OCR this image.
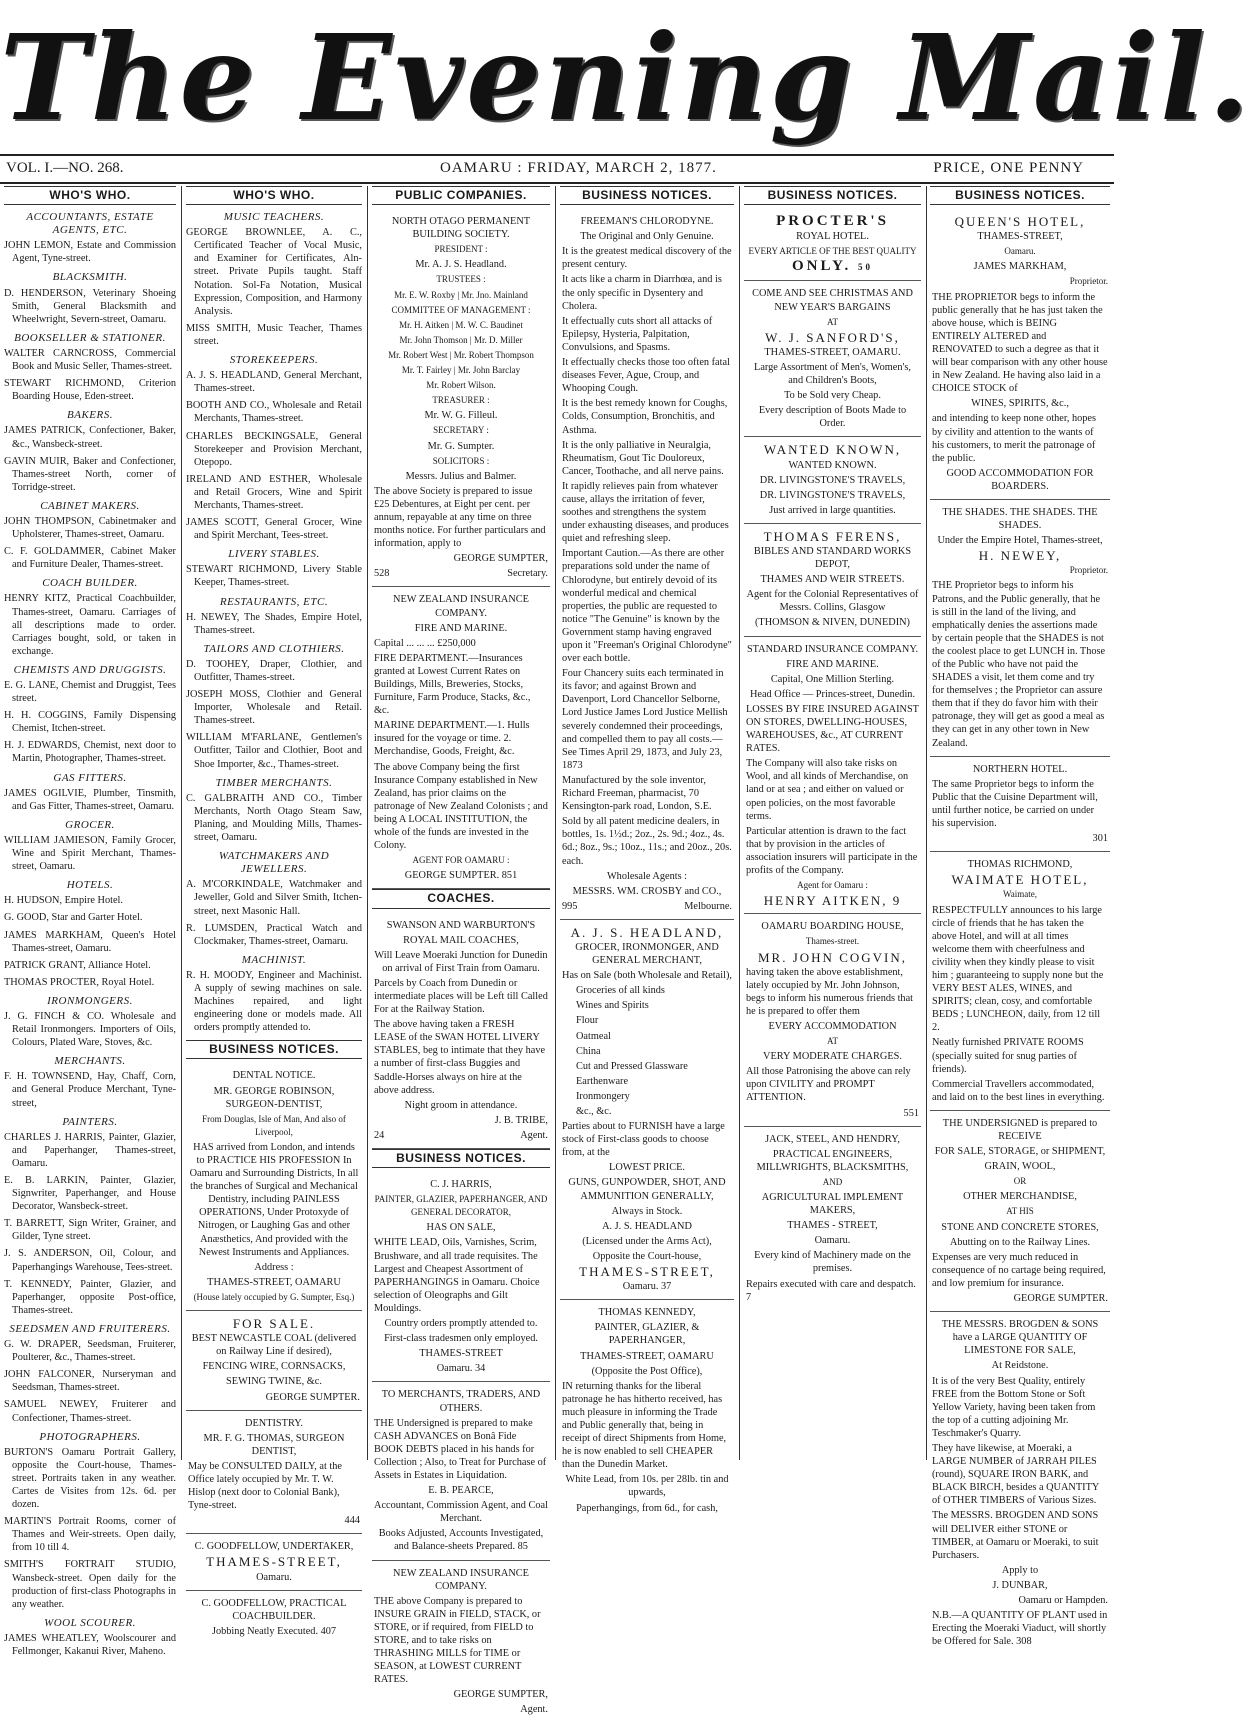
The Evening Mail.
VOL. I.—NO. 268.	OAMARU : FRIDAY, MARCH 2, 1877.	PRICE, ONE PENNY
WHO'S WHO.
ACCOUNTANTS, ESTATE AGENTS, ETC.

JOHN LEMON, Estate and Commission Agent, Tyne-street.

BLACKSMITH.

D. HENDERSON, Veterinary Shoeing Smith, General Blacksmith and Wheelwright, Severn-street, Oamaru.

BOOKSELLER & STATIONER.

WALTER CARNCROSS, Commercial Book and Music Seller, Thames-street.

STEWART RICHMOND, Criterion Boarding House, Eden-street.

BAKERS.

JAMES PATRICK, Confectioner, Baker, &c., Wansbeck-street.

GAVIN MUIR, Baker and Confectioner, Thames-street North, corner of Torridge-street.

CABINET MAKERS.

JOHN THOMPSON, Cabinetmaker and Upholsterer, Thames-street, Oamaru.

C. F. GOLDAMMER, Cabinet Maker and Furniture Dealer, Thames-street.

COACH BUILDER.

HENRY KITZ, Practical Coachbuilder, Thames-street, Oamaru. Carriages of all descriptions made to order. Carriages bought, sold, or taken in exchange.

CHEMISTS AND DRUGGISTS.

E. G. LANE, Chemist and Druggist, Tees street.

H. H. COGGINS, Family Dispensing Chemist, Itchen-street.

H. J. EDWARDS, Chemist, next door to Martin, Photographer, Thames-street.

GAS FITTERS.

JAMES OGILVIE, Plumber, Tinsmith, and Gas Fitter, Thames-street, Oamaru.

GROCER.

WILLIAM JAMIESON, Family Grocer, Wine and Spirit Merchant, Thames-street, Oamaru.

HOTELS.

H. HUDSON, Empire Hotel.

G. GOOD, Star and Garter Hotel.

JAMES MARKHAM, Queen's Hotel Thames-street, Oamaru.

PATRICK GRANT, Alliance Hotel.

THOMAS PROCTER, Royal Hotel.

IRONMONGERS.

J. G. FINCH & CO. Wholesale and Retail Ironmongers. Importers of Oils, Colours, Plated Ware, Stoves, &c.

MERCHANTS.

F. H. TOWNSEND, Hay, Chaff, Corn, and General Produce Merchant, Tyne-street,

PAINTERS.

CHARLES J. HARRIS, Painter, Glazier, and Paperhanger, Thames-street, Oamaru.

E. B. LARKIN, Painter, Glazier, Signwriter, Paperhanger, and House Decorator, Wansbeck-street.

T. BARRETT, Sign Writer, Grainer, and Gilder, Tyne street.

J. S. ANDERSON, Oil, Colour, and Paperhangings Warehouse, Tees-street.

T. KENNEDY, Painter, Glazier, and Paperhanger, opposite Post-office, Thames-street.

SEEDSMEN AND FRUITERERS.

G. W. DRAPER, Seedsman, Fruiterer, Poulterer, &c., Thames-street.

JOHN FALCONER, Nurseryman and Seedsman, Thames-street.

SAMUEL NEWEY, Fruiterer and Confectioner, Thames-street.

PHOTOGRAPHERS.

BURTON'S Oamaru Portrait Gallery, opposite the Court-house, Thames-street. Portraits taken in any weather. Cartes de Visites from 12s. 6d. per dozen.

MARTIN'S Portrait Rooms, corner of Thames and Weir-streets. Open daily, from 10 till 4.

SMITH'S FORTRAIT STUDIO, Wansbeck-street. Open daily for the production of first-class Photographs in any weather.

WOOL SCOURER.

JAMES WHEATLEY, Woolscourer and Fellmonger, Kakanui River, Maheno.

WHO'S WHO.
MUSIC TEACHERS.

GEORGE BROWNLEE, A. C., Certificated Teacher of Vocal Music, and Examiner for Certificates, Aln-street. Private Pupils taught. Staff Notation. Sol-Fa Notation, Musical Expression, Composition, and Harmony Analysis.

MISS SMITH, Music Teacher, Thames street.

STOREKEEPERS.

A. J. S. HEADLAND, General Merchant, Thames-street.

BOOTH AND CO., Wholesale and Retail Merchants, Thames-street.

CHARLES BECKINGSALE, General Storekeeper and Provision Merchant, Otepopo.

IRELAND AND ESTHER, Wholesale and Retail Grocers, Wine and Spirit Merchants, Thames-street.

JAMES SCOTT, General Grocer, Wine and Spirit Merchant, Tees-street.

LIVERY STABLES.

STEWART RICHMOND, Livery Stable Keeper, Thames-street.

RESTAURANTS, ETC.

H. NEWEY, The Shades, Empire Hotel, Thames-street.

TAILORS AND CLOTHIERS.

D. TOOHEY, Draper, Clothier, and Outfitter, Thames-street.

JOSEPH MOSS, Clothier and General Importer, Wholesale and Retail. Thames-street.

WILLIAM M'FARLANE, Gentlemen's Outfitter, Tailor and Clothier, Boot and Shoe Importer, &c., Thames-street.

TIMBER MERCHANTS.

C. GALBRAITH AND CO., Timber Merchants, North Otago Steam Saw, Planing, and Moulding Mills, Thames-street, Oamaru.

WATCHMAKERS AND JEWELLERS.

A. M'CORKINDALE, Watchmaker and Jeweller, Gold and Silver Smith, Itchen-street, next Masonic Hall.

R. LUMSDEN, Practical Watch and Clockmaker, Thames-street, Oamaru.

MACHINIST.

R. H. MOODY, Engineer and Machinist. A supply of sewing machines on sale. Machines repaired, and light engineering done or models made. All orders promptly attended to.

BUSINESS NOTICES.

DENTAL NOTICE.

MR. GEORGE ROBINSON, SURGEON-DENTIST,

From Douglas, Isle of Man, And also of Liverpool,

HAS arrived from London, and intends to PRACTICE HIS PROFESSION In Oamaru and Surrounding Districts, In all the branches of Surgical and Mechanical Dentistry, including PAINLESS OPERATIONS, Under Protoxyde of Nitrogen, or Laughing Gas and other Anæsthetics, And provided with the Newest Instruments and Appliances.

Address :

THAMES-STREET, OAMARU

(House lately occupied by G. Sumpter, Esq.)

FOR SALE.

BEST NEWCASTLE COAL (delivered on Railway Line if desired),

FENCING WIRE, CORNSACKS,

SEWING TWINE, &c.

GEORGE SUMPTER.

DENTISTRY.

MR. F. G. THOMAS, SURGEON DENTIST,

May be CONSULTED DAILY, at the Office lately occupied by Mr. T. W. Hislop (next door to Colonial Bank), Tyne-street.

444

C. GOODFELLOW, UNDERTAKER,

THAMES-STREET,

Oamaru.

C. GOODFELLOW, PRACTICAL COACHBUILDER.

Jobbing Neatly Executed. 407

PUBLIC COMPANIES.

NORTH OTAGO PERMANENT BUILDING SOCIETY.

PRESIDENT :

Mr. A. J. S. Headland.

TRUSTEES :

Mr. E. W. Roxby | Mr. Jno. Mainland

COMMITTEE OF MANAGEMENT :

Mr. H. Aitken | M. W. C. Baudinet

Mr. John Thomson | Mr. D. Miller

Mr. Robert West | Mr. Robert Thompson

Mr. T. Fairley | Mr. John Barclay

Mr. Robert Wilson.

TREASURER :

Mr. W. G. Filleul.

SECRETARY :

Mr. G. Sumpter.

SOLICITORS :

Messrs. Julius and Balmer.

The above Society is prepared to issue £25 Debentures, at Eight per cent. per annum, repayable at any time on three months notice. For further particulars and information, apply to

GEORGE SUMPTER,

528	Secretary.

NEW ZEALAND INSURANCE COMPANY.

FIRE AND MARINE.

Capital ... ... ... £250,000

FIRE DEPARTMENT.—Insurances granted at Lowest Current Rates on Buildings, Mills, Breweries, Stocks, Furniture, Farm Produce, Stacks, &c., &c.

MARINE DEPARTMENT.—1. Hulls insured for the voyage or time. 2. Merchandise, Goods, Freight, &c.

The above Company being the first Insurance Company established in New Zealand, has prior claims on the patronage of New Zealand Colonists ; and being A LOCAL INSTITUTION, the whole of the funds are invested in the Colony.

AGENT FOR OAMARU :

GEORGE SUMPTER. 851

COACHES.

SWANSON AND WARBURTON'S

ROYAL MAIL COACHES,

Will Leave Moeraki Junction for Dunedin on arrival of First Train from Oamaru.

Parcels by Coach from Dunedin or intermediate places will be Left till Called For at the Railway Station.

The above having taken a FRESH LEASE of the SWAN HOTEL LIVERY STABLES, beg to intimate that they have a number of first-class Buggies and Saddle-Horses always on hire at the above address.

Night groom in attendance.

J. B. TRIBE,

24	Agent.

BUSINESS NOTICES.

C. J. HARRIS,

PAINTER, GLAZIER, PAPERHANGER, AND GENERAL DECORATOR,

HAS ON SALE,

WHITE LEAD, Oils, Varnishes, Scrim, Brushware, and all trade requisites. The Largest and Cheapest Assortment of PAPERHANGINGS in Oamaru. Choice selection of Oleographs and Gilt Mouldings.

Country orders promptly attended to.

First-class tradesmen only employed.

THAMES-STREET

Oamaru. 34

TO MERCHANTS, TRADERS, AND OTHERS.

THE Undersigned is prepared to make CASH ADVANCES on Bonâ Fide BOOK DEBTS placed in his hands for Collection ; Also, to Treat for Purchase of Assets in Estates in Liquidation.

E. B. PEARCE,

Accountant, Commission Agent, and Coal Merchant.

Books Adjusted, Accounts Investigated, and Balance-sheets Prepared. 85

NEW ZEALAND INSURANCE COMPANY.

THE above Company is prepared to INSURE GRAIN in FIELD, STACK, or STORE, or if required, from FIELD to STORE, and to take risks on THRASHING MILLS for TIME or SEASON, at LOWEST CURRENT RATES.

GEORGE SUMPTER,

Agent.

BUSINESS NOTICES.

FREEMAN'S CHLORODYNE.

The Original and Only Genuine.

It is the greatest medical discovery of the present century.

It acts like a charm in Diarrhœa, and is the only specific in Dysentery and Cholera.

It effectually cuts short all attacks of Epilepsy, Hysteria, Palpitation, Convulsions, and Spasms.

It effectually checks those too often fatal diseases Fever, Ague, Croup, and Whooping Cough.

It is the best remedy known for Coughs, Colds, Consumption, Bronchitis, and Asthma.

It is the only palliative in Neuralgia, Rheumatism, Gout Tic Douloreux, Cancer, Toothache, and all nerve pains.

It rapidly relieves pain from whatever cause, allays the irritation of fever, soothes and strengthens the system under exhausting diseases, and produces quiet and refreshing sleep.

Important Caution.—As there are other preparations sold under the name of Chlorodyne, but entirely devoid of its wonderful medical and chemical properties, the public are requested to notice "The Genuine" is known by the Government stamp having engraved upon it "Freeman's Original Chlorodyne" over each bottle.

Four Chancery suits each terminated in its favor; and against Brown and Davenport, Lord Chancellor Selborne, Lord Justice James Lord Justice Mellish severely condemned their proceedings, and compelled them to pay all costs.—See Times April 29, 1873, and July 23, 1873

Manufactured by the sole inventor, Richard Freeman, pharmacist, 70 Kensington-park road, London, S.E.

Sold by all patent medicine dealers, in bottles, 1s. 1½d.; 2oz., 2s. 9d.; 4oz., 4s. 6d.; 8oz., 9s.; 10oz., 11s.; and 20oz., 20s. each.

Wholesale Agents :

MESSRS. WM. CROSBY and CO.,

995	Melbourne.

A. J. S. HEADLAND,

GROCER, IRONMONGER, AND GENERAL MERCHANT,

Has on Sale (both Wholesale and Retail),

Groceries of all kinds

Wines and Spirits

Flour

Oatmeal

China

Cut and Pressed Glassware

Earthenware

Ironmongery

&c., &c.

Parties about to FURNISH have a large stock of First-class goods to choose from, at the

LOWEST PRICE.

GUNS, GUNPOWDER, SHOT, AND AMMUNITION GENERALLY,

Always in Stock.

A. J. S. HEADLAND

(Licensed under the Arms Act),

Opposite the Court-house,

THAMES-STREET,

Oamaru. 37

THOMAS KENNEDY,

PAINTER, GLAZIER, & PAPERHANGER,

THAMES-STREET, OAMARU

(Opposite the Post Office),

IN returning thanks for the liberal patronage he has hitherto received, has much pleasure in informing the Trade and Public generally that, being in receipt of direct Shipments from Home, he is now enabled to sell CHEAPER than the Dunedin Market.

White Lead, from 10s. per 28lb. tin and upwards,

Paperhangings, from 6d., for cash,

BUSINESS NOTICES.

PROCTER'S

ROYAL HOTEL.

EVERY ARTICLE OF THE BEST QUALITY

ONLY. 50

COME AND SEE CHRISTMAS AND NEW YEAR'S BARGAINS

AT

W. J. SANFORD'S,

THAMES-STREET, OAMARU.

Large Assortment of Men's, Women's, and Children's Boots,

To be Sold very Cheap.

Every description of Boots Made to Order.

WANTED KNOWN,

WANTED KNOWN.

DR. LIVINGSTONE'S TRAVELS,

DR. LIVINGSTONE'S TRAVELS,

Just arrived in large quantities.

THOMAS FERENS,

BIBLES AND STANDARD WORKS DEPOT,

THAMES AND WEIR STREETS.

Agent for the Colonial Representatives of Messrs. Collins, Glasgow

(THOMSON & NIVEN, DUNEDIN)

STANDARD INSURANCE COMPANY.

FIRE AND MARINE.

Capital, One Million Sterling.

Head Office — Princes-street, Dunedin.

LOSSES BY FIRE INSURED AGAINST ON STORES, DWELLING-HOUSES, WAREHOUSES, &c., AT CURRENT RATES.

The Company will also take risks on Wool, and all kinds of Merchandise, on land or at sea ; and either on valued or open policies, on the most favorable terms.

Particular attention is drawn to the fact that by provision in the articles of association insurers will participate in the profits of the Company.

Agent for Oamaru :

HENRY AITKEN, 9

OAMARU BOARDING HOUSE,

Thames-street.

MR. JOHN COGVIN,

having taken the above establishment, lately occupied by Mr. John Johnson, begs to inform his numerous friends that he is prepared to offer them

EVERY ACCOMMODATION

AT

VERY MODERATE CHARGES.

All those Patronising the above can rely upon CIVILITY and PROMPT ATTENTION.

551

JACK, STEEL, AND HENDRY,

PRACTICAL ENGINEERS, MILLWRIGHTS, BLACKSMITHS,

AND

AGRICULTURAL IMPLEMENT MAKERS,

THAMES - STREET,

Oamaru.

Every kind of Machinery made on the premises.

Repairs executed with care and despatch. 7

BUSINESS NOTICES.

QUEEN'S HOTEL,

THAMES-STREET,

Oamaru.

JAMES MARKHAM,

Proprietor.

THE PROPRIETOR begs to inform the public generally that he has just taken the above house, which is BEING ENTIRELY ALTERED and RENOVATED to such a degree as that it will bear comparison with any other house in New Zealand. He having also laid in a CHOICE STOCK of

WINES, SPIRITS, &c.,

and intending to keep none other, hopes by civility and attention to the wants of his customers, to merit the patronage of the public.

GOOD ACCOMMODATION FOR BOARDERS.

THE SHADES. THE SHADES. THE SHADES.

Under the Empire Hotel, Thames-street,

H. NEWEY,

Proprietor.

THE Proprietor begs to inform his Patrons, and the Public generally, that he is still in the land of the living, and emphatically denies the assertions made by certain people that the SHADES is not the coolest place to get LUNCH in. Those of the Public who have not paid the SHADES a visit, let them come and try for themselves ; the Proprietor can assure them that if they do favor him with their patronage, they will get as good a meal as they can get in any other town in New Zealand.

NORTHERN HOTEL.

The same Proprietor begs to inform the Public that the Cuisine Department will, until further notice, be carried on under his supervision.

301

THOMAS RICHMOND,

WAIMATE HOTEL,

Waimate,

RESPECTFULLY announces to his large circle of friends that he has taken the above Hotel, and will at all times welcome them with cheerfulness and civility when they kindly please to visit him ; guaranteeing to supply none but the VERY BEST ALES, WINES, and SPIRITS; clean, cosy, and comfortable BEDS ; LUNCHEON, daily, from 12 till 2.

Neatly furnished PRIVATE ROOMS (specially suited for snug parties of friends).

Commercial Travellers accommodated, and laid on to the best lines in everything.

THE UNDERSIGNED is prepared to RECEIVE

FOR SALE, STORAGE, or SHIPMENT,

GRAIN, WOOL,

OR

OTHER MERCHANDISE,

AT HIS

STONE AND CONCRETE STORES,

Abutting on to the Railway Lines.

Expenses are very much reduced in consequence of no cartage being required, and low premium for insurance.

GEORGE SUMPTER.

THE MESSRS. BROGDEN & SONS have a LARGE QUANTITY OF LIMESTONE FOR SALE,

At Reidstone.

It is of the very Best Quality, entirely FREE from the Bottom Stone or Soft Yellow Variety, having been taken from the top of a cutting adjoining Mr. Teschmaker's Quarry.

They have likewise, at Moeraki, a LARGE NUMBER of JARRAH PILES (round), SQUARE IRON BARK, and BLACK BIRCH, besides a QUANTITY of OTHER TIMBERS of Various Sizes.

The MESSRS. BROGDEN AND SONS will DELIVER either STONE or TIMBER, at Oamaru or Moeraki, to suit Purchasers.

Apply to

J. DUNBAR,

Oamaru or Hampden.

N.B.—A QUANTITY OF PLANT used in Erecting the Moeraki Viaduct, will shortly be Offered for Sale. 308
